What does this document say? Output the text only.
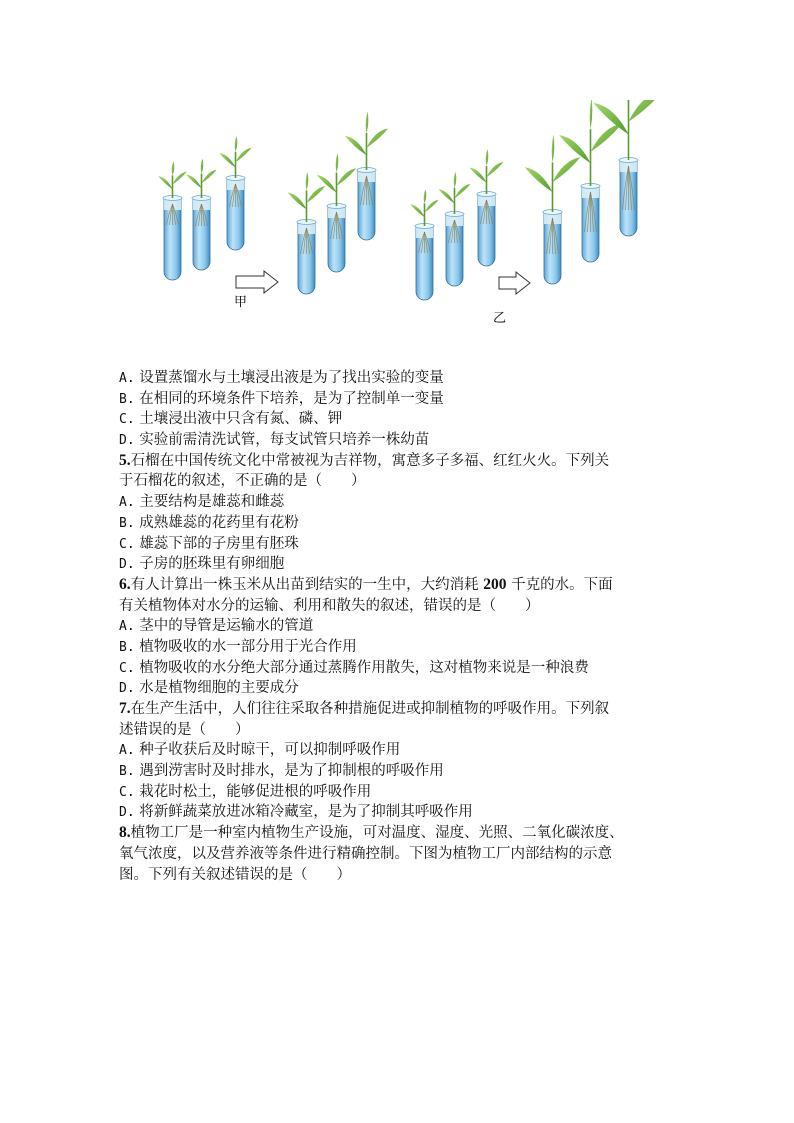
甲
乙
A. 设置蒸馏水与土壤浸出液是为了找出实验的变量
B. 在相同的环境条件下培养，是为了控制单一变量
C. 土壤浸出液中只含有氮、磷、钾
D. 实验前需清洗试管，每支试管只培养一株幼苗
5.石榴在中国传统文化中常被视为吉祥物，寓意多子多福、红红火火。下列关
于石榴花的叙述，不正确的是（　　）
A. 主要结构是雄蕊和雌蕊
B. 成熟雄蕊的花药里有花粉
C. 雄蕊下部的子房里有胚珠
D. 子房的胚珠里有卵细胞
6.有人计算出一株玉米从出苗到结实的一生中，大约消耗 200 千克的水。下面
有关植物体对水分的运输、利用和散失的叙述，错误的是（　　）
A. 茎中的导管是运输水的管道
B. 植物吸收的水一部分用于光合作用
C. 植物吸收的水分绝大部分通过蒸腾作用散失，这对植物来说是一种浪费
D. 水是植物细胞的主要成分
7.在生产生活中，人们往往采取各种措施促进或抑制植物的呼吸作用。下列叙
述错误的是（　　）
A. 种子收获后及时晾干，可以抑制呼吸作用
B. 遇到涝害时及时排水，是为了抑制根的呼吸作用
C. 栽花时松土，能够促进根的呼吸作用
D. 将新鲜蔬菜放进冰箱冷藏室，是为了抑制其呼吸作用
8.植物工厂是一种室内植物生产设施，可对温度、湿度、光照、二氧化碳浓度、
氧气浓度，以及营养液等条件进行精确控制。下图为植物工厂内部结构的示意
图。下列有关叙述错误的是（　　）
